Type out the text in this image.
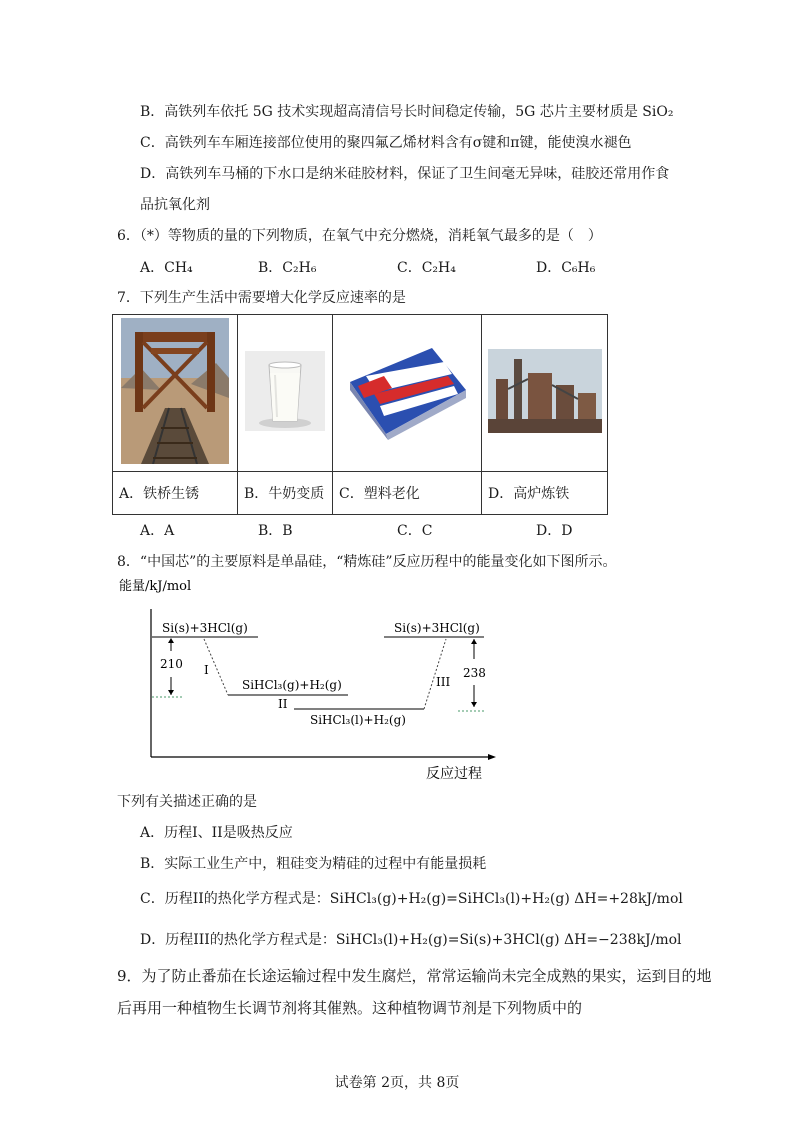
B．高铁列车依托 5G 技术实现超高清信号长时间稳定传输，5G 芯片主要材质是 SiO₂
C．高铁列车车厢连接部位使用的聚四氟乙烯材料含有σ键和π键，能使溴水褪色
D．高铁列车马桶的下水口是纳米硅胶材料，保证了卫生间毫无异味，硅胶还常用作食
品抗氧化剂
6．（*）等物质的量的下列物质，在氧气中充分燃烧，消耗氧气最多的是（　）
A．CH₄	B．C₂H₆	C．C₂H₄	D．C₆H₆
7．下列生产生活中需要增大化学反应速率的是

A．铁桥生锈	B．牛奶变质	C．塑料老化	D．高炉炼铁
A．A	B．B	C．C	D．D
8．“中国芯”的主要原料是单晶硅，“精炼硅”反应历程中的能量变化如下图所示。
能量/kJ/mol
反应过程
Si(s)+3HCl(g)
SiHCl₃(g)+H₂(g)
SiHCl₃(l)+H₂(g)
Si(s)+3HCl(g)
I
II
III
210
238
下列有关描述正确的是
A．历程I、II是吸热反应
B．实际工业生产中，粗硅变为精硅的过程中有能量损耗
C．历程II的热化学方程式是：SiHCl₃(g)+H₂(g)=SiHCl₃(l)+H₂(g) ΔH=+28kJ/mol
D．历程III的热化学方程式是：SiHCl₃(l)+H₂(g)=Si(s)+3HCl(g) ΔH=−238kJ/mol
9．为了防止番茄在长途运输过程中发生腐烂，常常运输尚未完全成熟的果实，运到目的地
后再用一种植物生长调节剂将其催熟。这种植物调节剂是下列物质中的
试卷第 2页，共 8页
